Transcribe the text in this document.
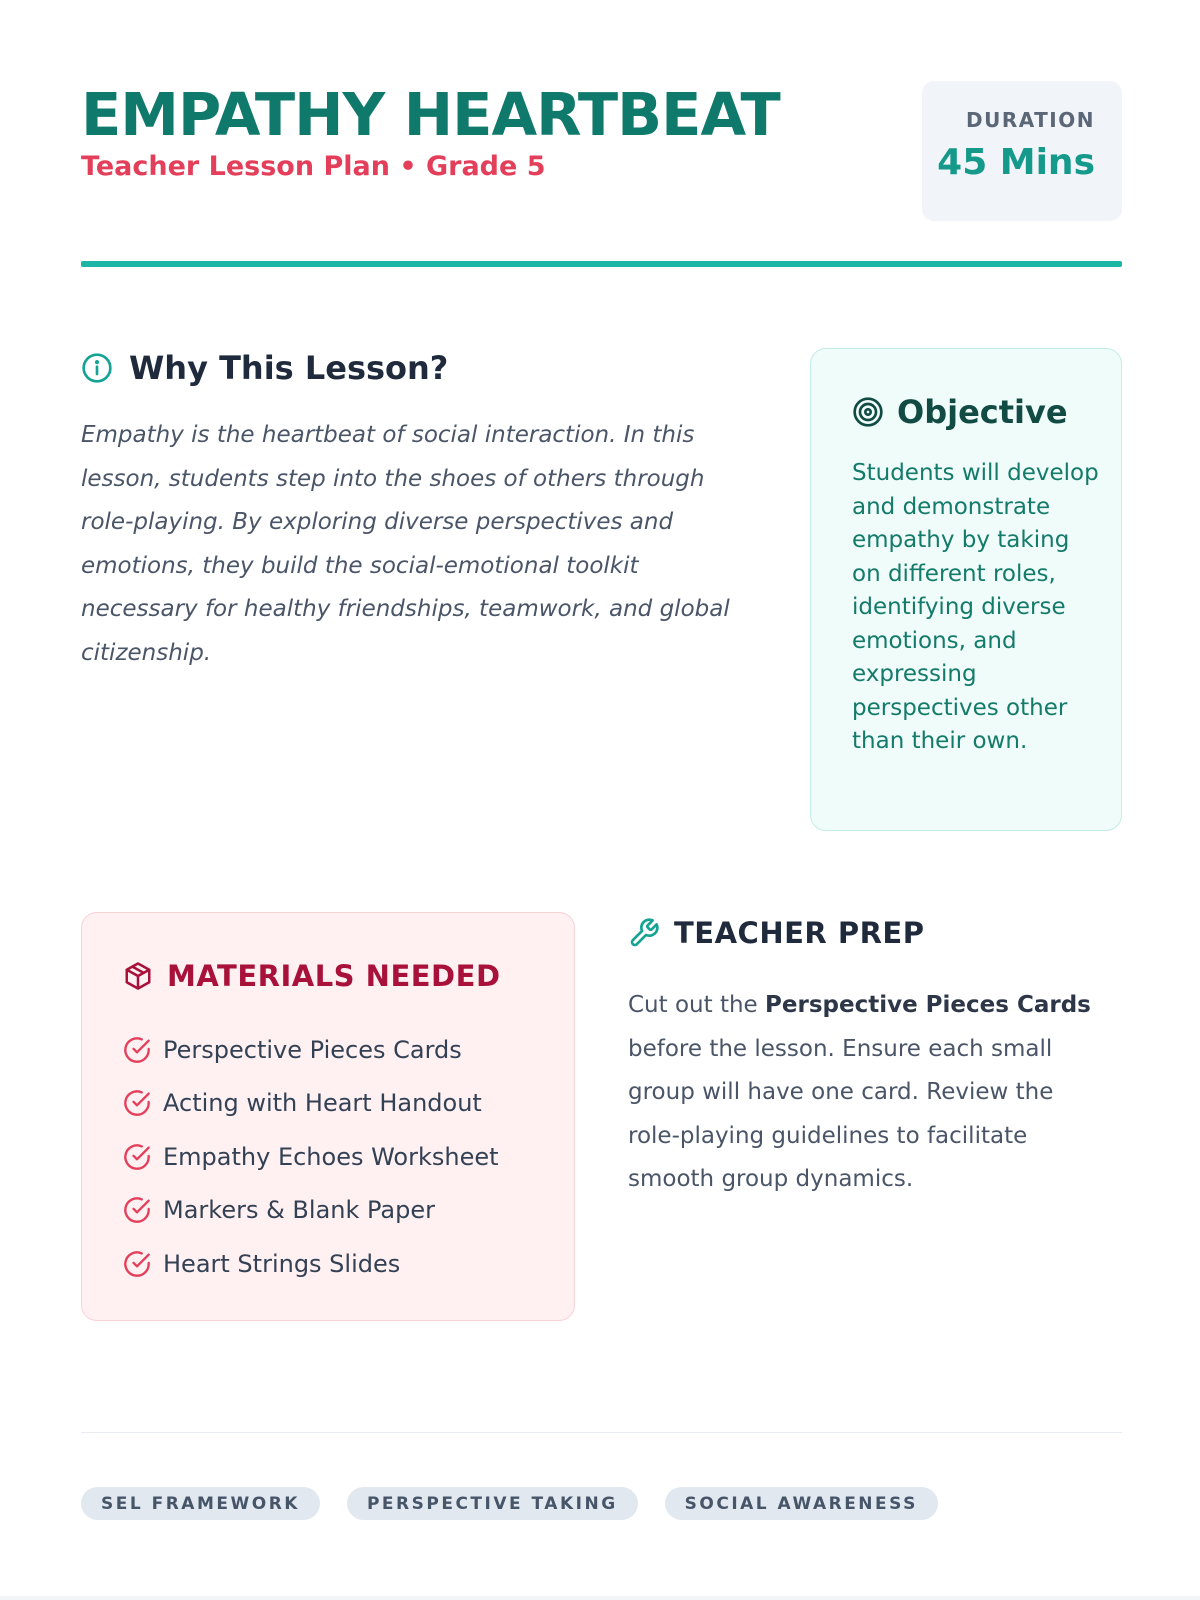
EMPATHY HEARTBEAT
Teacher Lesson Plan • Grade 5
DURATION
45 Mins
Why This Lesson?

Empathy is the heartbeat of social interaction. In this lesson, students step into the shoes of others through role-playing. By exploring diverse perspectives and emotions, they build the social-emotional toolkit necessary for healthy friendships, teamwork, and global citizenship.

Objective

Students will develop and demonstrate empathy by taking on different roles, identifying diverse emotions, and expressing perspectives other than their own.

MATERIALS NEEDED
Perspective Pieces Cards
Acting with Heart Handout
Empathy Echoes Worksheet
Markers & Blank Paper
Heart Strings Slides
TEACHER PREP

Cut out the Perspective Pieces Cards before the lesson. Ensure each small group will have one card. Review the role-playing guidelines to facilitate smooth group dynamics.

SEL FRAMEWORK	PERSPECTIVE TAKING	SOCIAL AWARENESS
